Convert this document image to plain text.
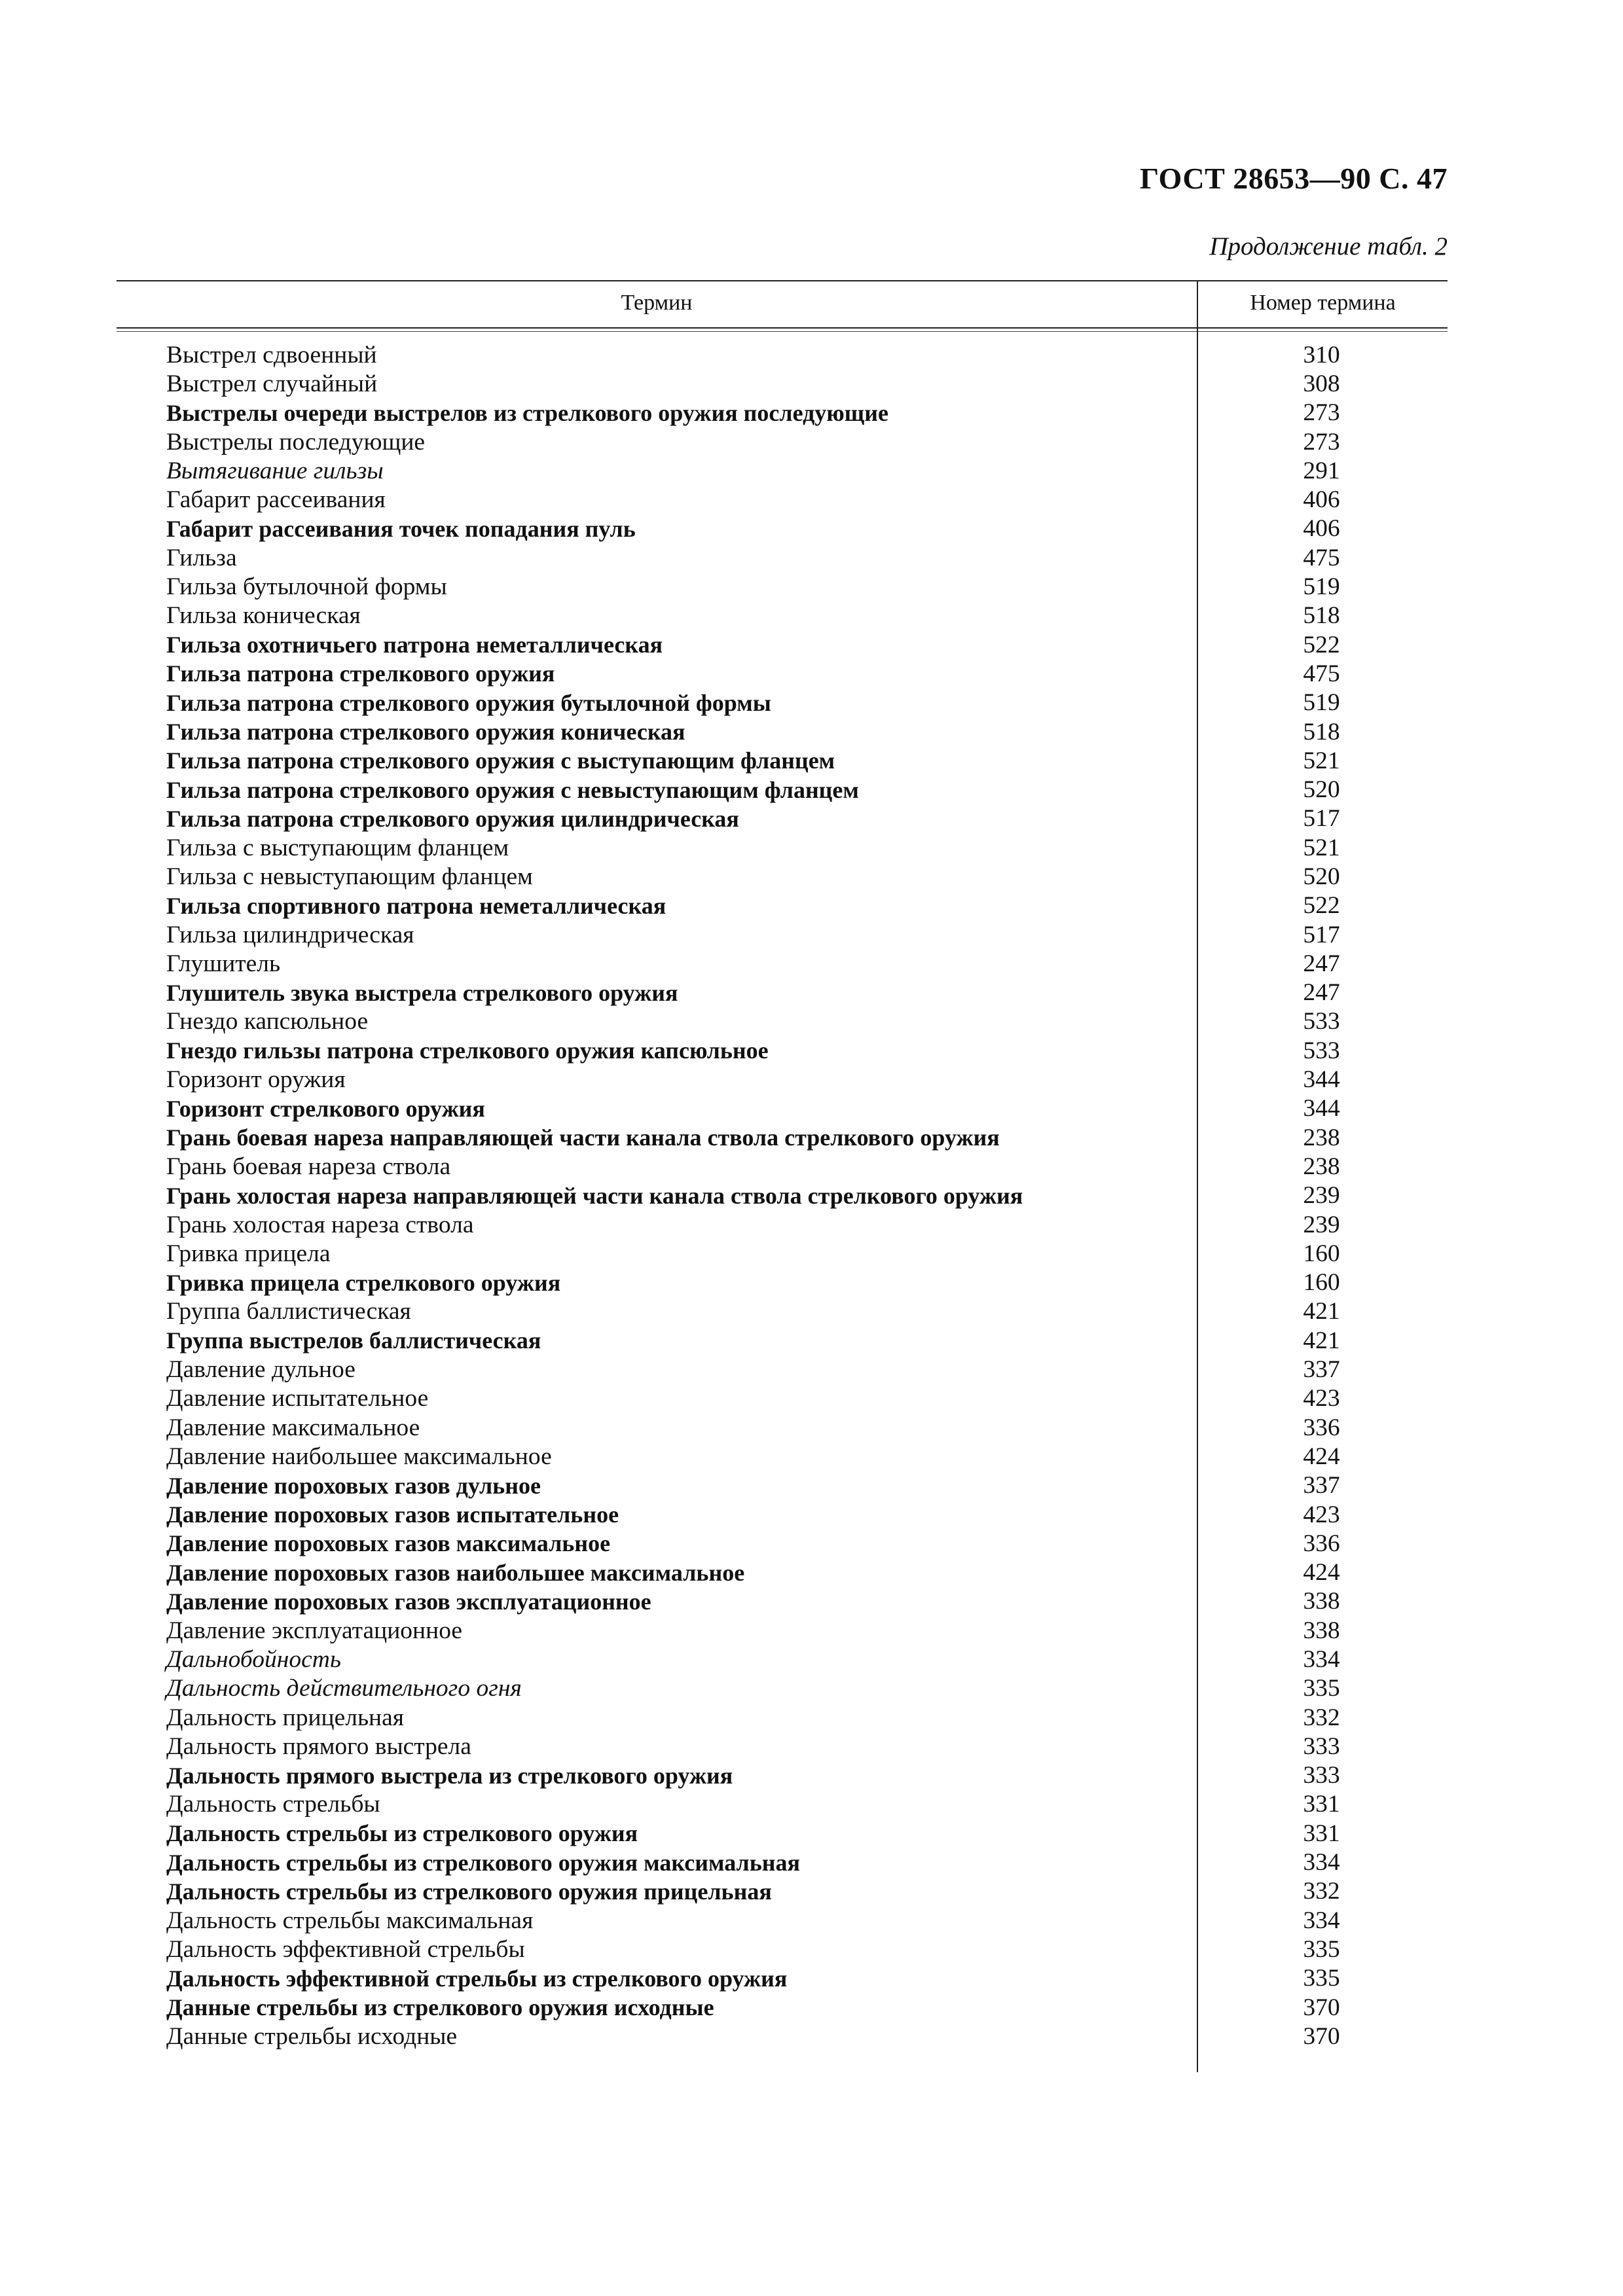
ГОСТ 28653—90 С. 47
Продолжение табл. 2
Термин	Номер термина
Выстрел сдвоенный	310
Выстрел случайный	308
Выстрелы очереди выстрелов из стрелкового оружия последующие	273
Выстрелы последующие	273
Вытягивание гильзы	291
Габарит рассеивания	406
Габарит рассеивания точек попадания пуль	406
Гильза	475
Гильза бутылочной формы	519
Гильза коническая	518
Гильза охотничьего патрона неметаллическая	522
Гильза патрона стрелкового оружия	475
Гильза патрона стрелкового оружия бутылочной формы	519
Гильза патрона стрелкового оружия коническая	518
Гильза патрона стрелкового оружия с выступающим фланцем	521
Гильза патрона стрелкового оружия с невыступающим фланцем	520
Гильза патрона стрелкового оружия цилиндрическая	517
Гильза с выступающим фланцем	521
Гильза с невыступающим фланцем	520
Гильза спортивного патрона неметаллическая	522
Гильза цилиндрическая	517
Глушитель	247
Глушитель звука выстрела стрелкового оружия	247
Гнездо капсюльное	533
Гнездо гильзы патрона стрелкового оружия капсюльное	533
Горизонт оружия	344
Горизонт стрелкового оружия	344
Грань боевая нареза направляющей части канала ствола стрелкового оружия	238
Грань боевая нареза ствола	238
Грань холостая нареза направляющей части канала ствола стрелкового оружия	239
Грань холостая нареза ствола	239
Гривка прицела	160
Гривка прицела стрелкового оружия	160
Группа баллистическая	421
Группа выстрелов баллистическая	421
Давление дульное	337
Давление испытательное	423
Давление максимальное	336
Давление наибольшее максимальное	424
Давление пороховых газов дульное	337
Давление пороховых газов испытательное	423
Давление пороховых газов максимальное	336
Давление пороховых газов наибольшее максимальное	424
Давление пороховых газов эксплуатационное	338
Давление эксплуатационное	338
Дальнобойность	334
Дальность действительного огня	335
Дальность прицельная	332
Дальность прямого выстрела	333
Дальность прямого выстрела из стрелкового оружия	333
Дальность стрельбы	331
Дальность стрельбы из стрелкового оружия	331
Дальность стрельбы из стрелкового оружия максимальная	334
Дальность стрельбы из стрелкового оружия прицельная	332
Дальность стрельбы максимальная	334
Дальность эффективной стрельбы	335
Дальность эффективной стрельбы из стрелкового оружия	335
Данные стрельбы из стрелкового оружия исходные	370
Данные стрельбы исходные	370
